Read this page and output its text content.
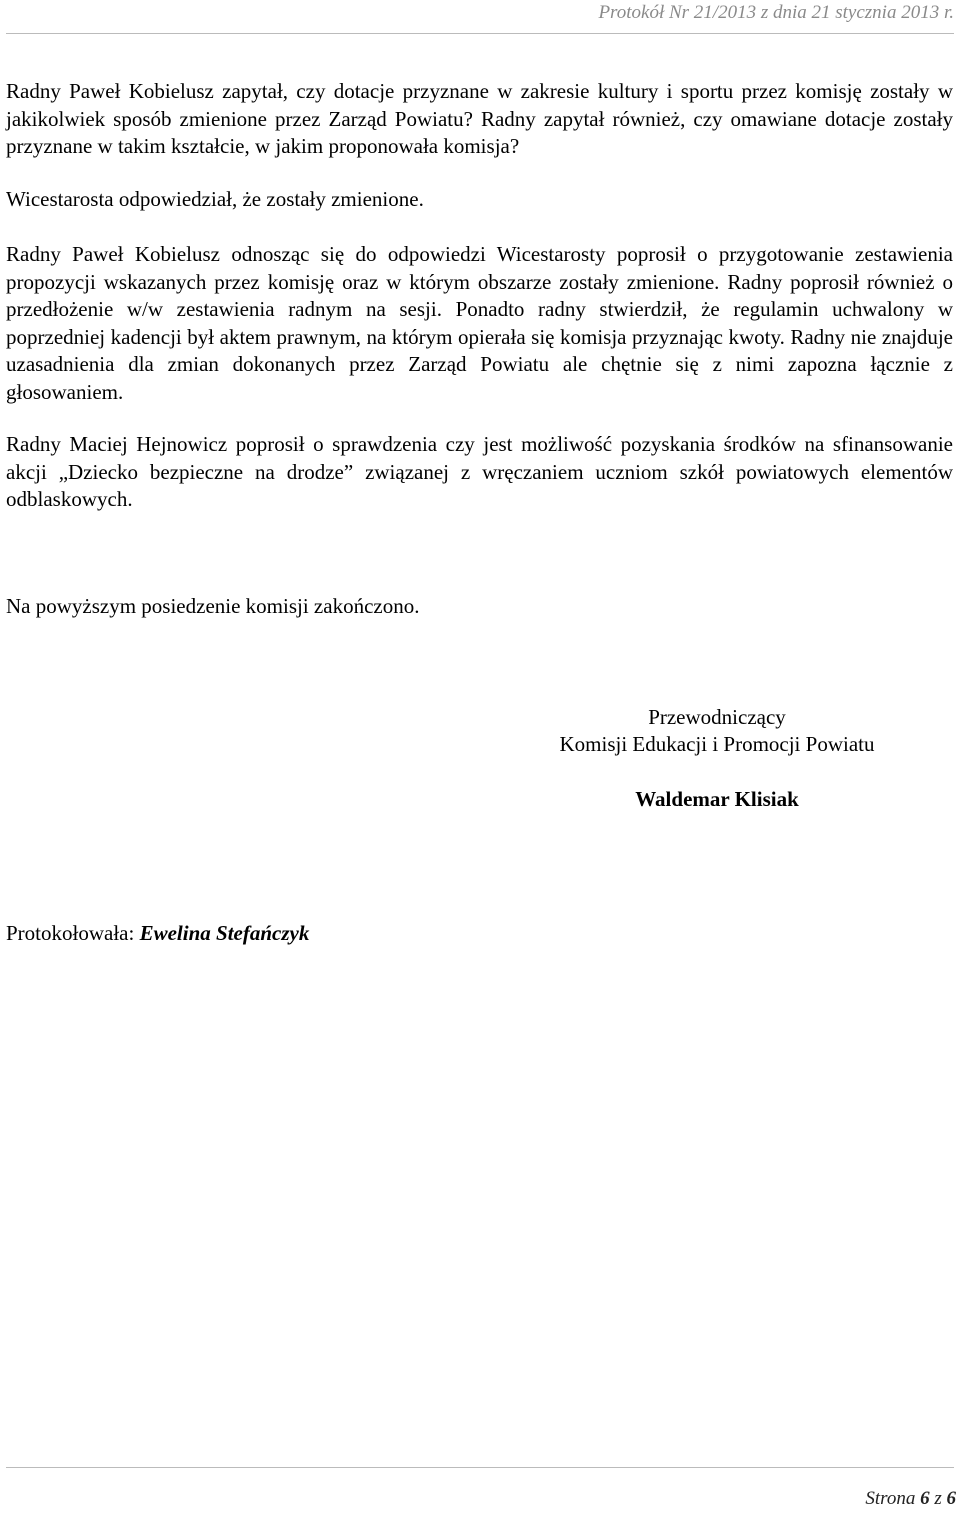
Protokół Nr 21/2013 z dnia 21 stycznia 2013 r.

Radny Paweł Kobielusz zapytał, czy dotacje przyznane w zakresie kultury i sportu przez komisję zostały w jakikolwiek sposób zmienione przez Zarząd Powiatu? Radny zapytał również, czy omawiane dotacje zostały przyznane w takim kształcie, w jakim proponowała komisja?

Wicestarosta odpowiedział, że zostały zmienione.

Radny Paweł Kobielusz odnosząc się do odpowiedzi Wicestarosty poprosił o przygotowanie zestawienia propozycji wskazanych przez komisję oraz w którym obszarze zostały zmienione. Radny poprosił również o przedłożenie w/w zestawienia radnym na sesji. Ponadto radny stwierdził, że regulamin uchwalony w poprzedniej kadencji był aktem prawnym, na którym opierała się komisja przyznając kwoty. Radny nie znajduje uzasadnienia dla zmian dokonanych przez Zarząd Powiatu ale chętnie się z nimi zapozna łącznie z głosowaniem.

Radny Maciej Hejnowicz poprosił o sprawdzenia czy jest możliwość pozyskania środków na sfinansowanie akcji „Dziecko bezpieczne na drodze” związanej z wręczaniem uczniom szkół powiatowych elementów odblaskowych.

Na powyższym posiedzenie komisji zakończono.

Przewodniczący
Komisji Edukacji i Promocji Powiatu
Waldemar Klisiak
Protokołowała: Ewelina Stefańczyk
Strona 6 z 6
